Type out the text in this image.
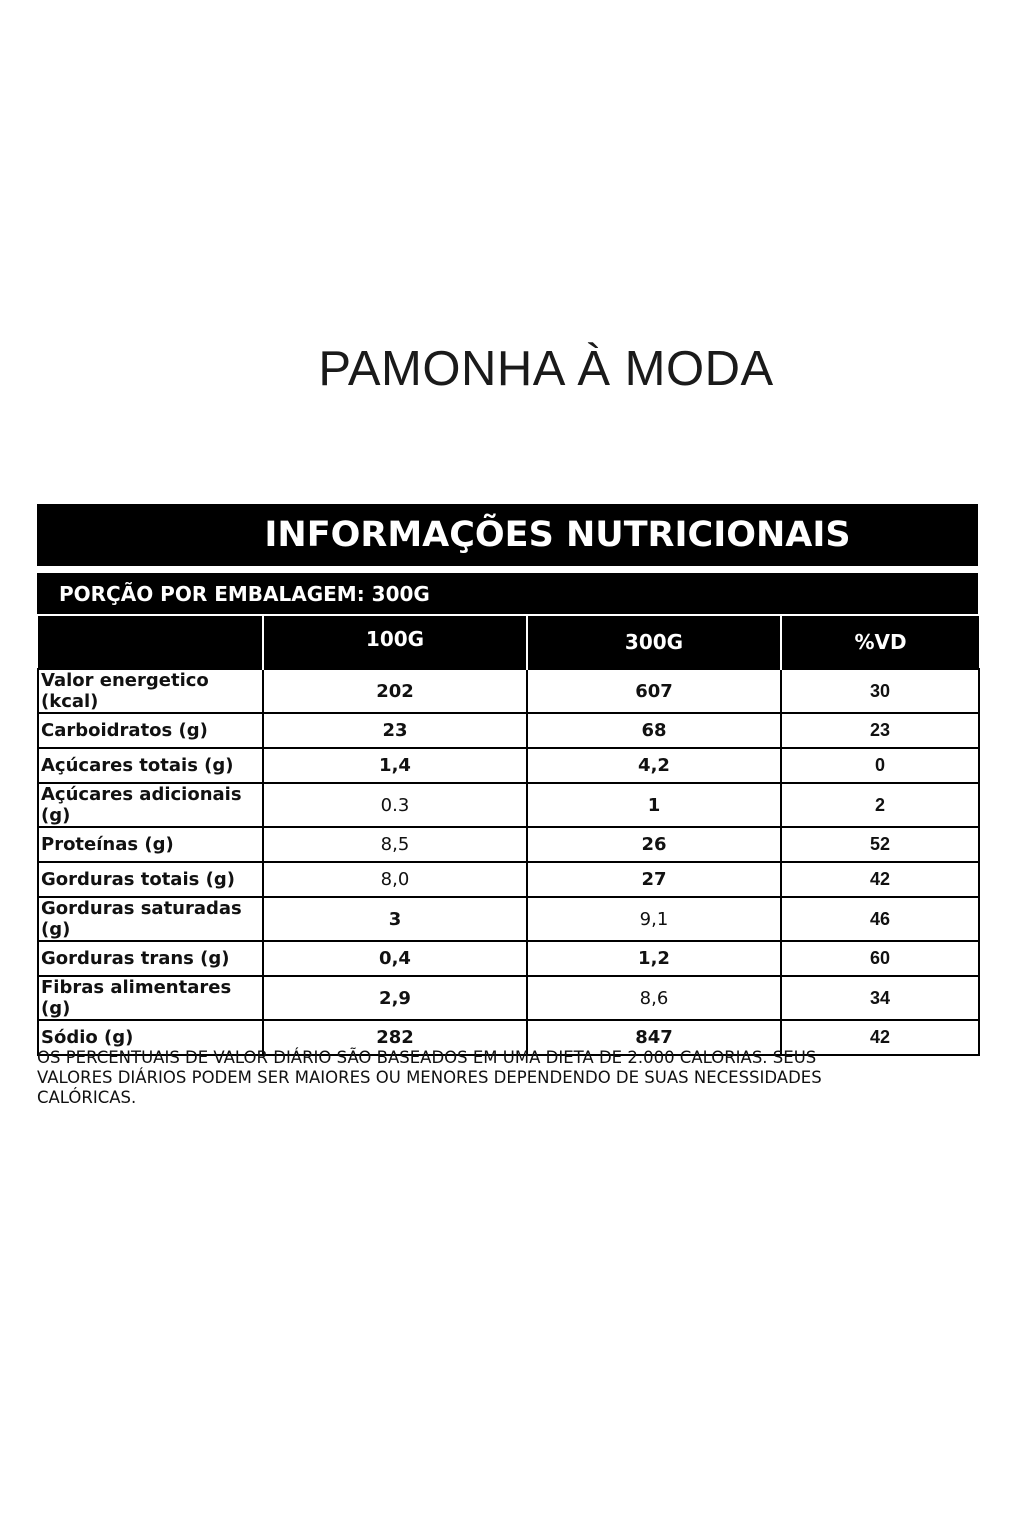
PAMONHA À MODA
INFORMAÇÕES NUTRICIONAIS
PORÇÃO POR EMBALAGEM: 300G
	100G	300G	%VD
Valor energetico (kcal)	202	607	30
Carboidratos (g)	23	68	23
Açúcares totais (g)	1,4	4,2	0
Açúcares adicionais (g)	0.3	1	2
Proteínas (g)	8,5	26	52
Gorduras totais (g)	8,0	27	42
Gorduras saturadas (g)	3	9,1	46
Gorduras trans (g)	0,4	1,2	60
Fibras alimentares (g)	2,9	8,6	34
Sódio (g)	282	847	42
OS PERCENTUAIS DE VALOR DIÁRIO SÃO BASEADOS EM UMA DIETA DE 2.000 CALORIAS. SEUS
VALORES DIÁRIOS PODEM SER MAIORES OU MENORES DEPENDENDO DE SUAS NECESSIDADES
CALÓRICAS.
